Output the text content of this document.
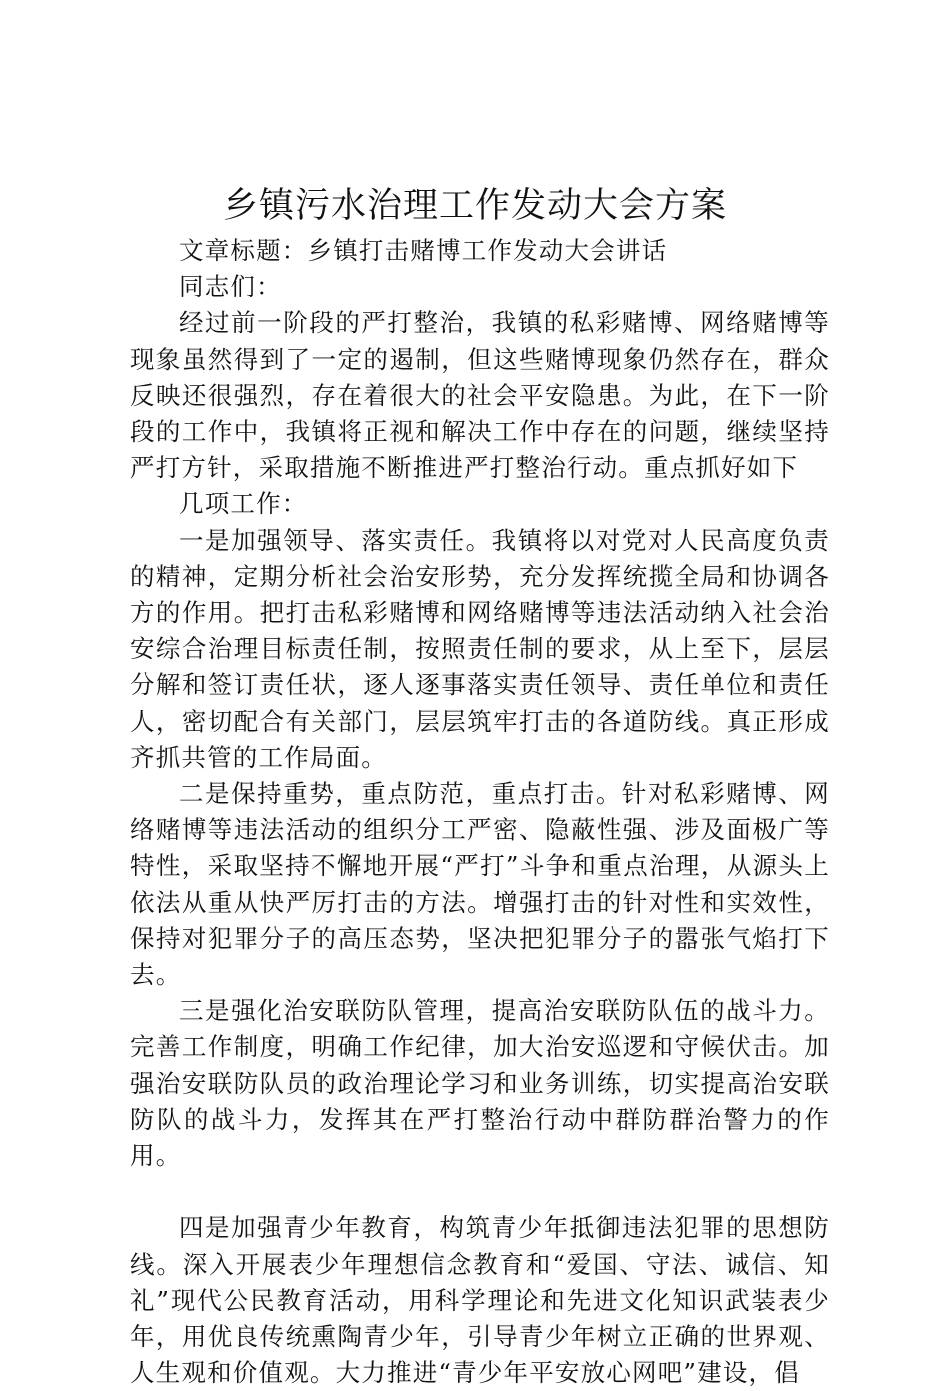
乡镇污水治理工作发动大会方案

文章标题：乡镇打击赌博工作发动大会讲话

同志们：

经过前一阶段的严打整治，我镇的私彩赌博、网络赌博等现象虽然得到了一定的遏制，但这些赌博现象仍然存在，群众反映还很强烈，存在着很大的社会平安隐患。为此，在下一阶段的工作中，我镇将正视和解决工作中存在的问题，继续坚持严打方针，采取措施不断推进严打整治行动。重点抓好如下

几项工作：

一是加强领导、落实责任。我镇将以对党对人民高度负责的精神，定期分析社会治安形势，充分发挥统揽全局和协调各方的作用。把打击私彩赌博和网络赌博等违法活动纳入社会治安综合治理目标责任制，按照责任制的要求，从上至下，层层分解和签订责任状，逐人逐事落实责任领导、责任单位和责任人，密切配合有关部门，层层筑牢打击的各道防线。真正形成齐抓共管的工作局面。

二是保持重势，重点防范，重点打击。针对私彩赌博、网络赌博等违法活动的组织分工严密、隐蔽性强、涉及面极广等特性，采取坚持不懈地开展“严打”斗争和重点治理，从源头上依法从重从快严厉打击的方法。增强打击的针对性和实效性，保持对犯罪分子的高压态势，坚决把犯罪分子的嚣张气焰打下去。

三是强化治安联防队管理，提高治安联防队伍的战斗力。完善工作制度，明确工作纪律，加大治安巡逻和守候伏击。加强治安联防队员的政治理论学习和业务训练，切实提高治安联防队的战斗力，发挥其在严打整治行动中群防群治警力的作用。

四是加强青少年教育，构筑青少年抵御违法犯罪的思想防线。深入开展表少年理想信念教育和“爱国、守法、诚信、知礼”现代公民教育活动，用科学理论和先进文化知识武装表少年，用优良传统熏陶青少年，引导青少年树立正确的世界观、人生观和价值观。大力推进“青少年平安放心网吧”建设，倡
